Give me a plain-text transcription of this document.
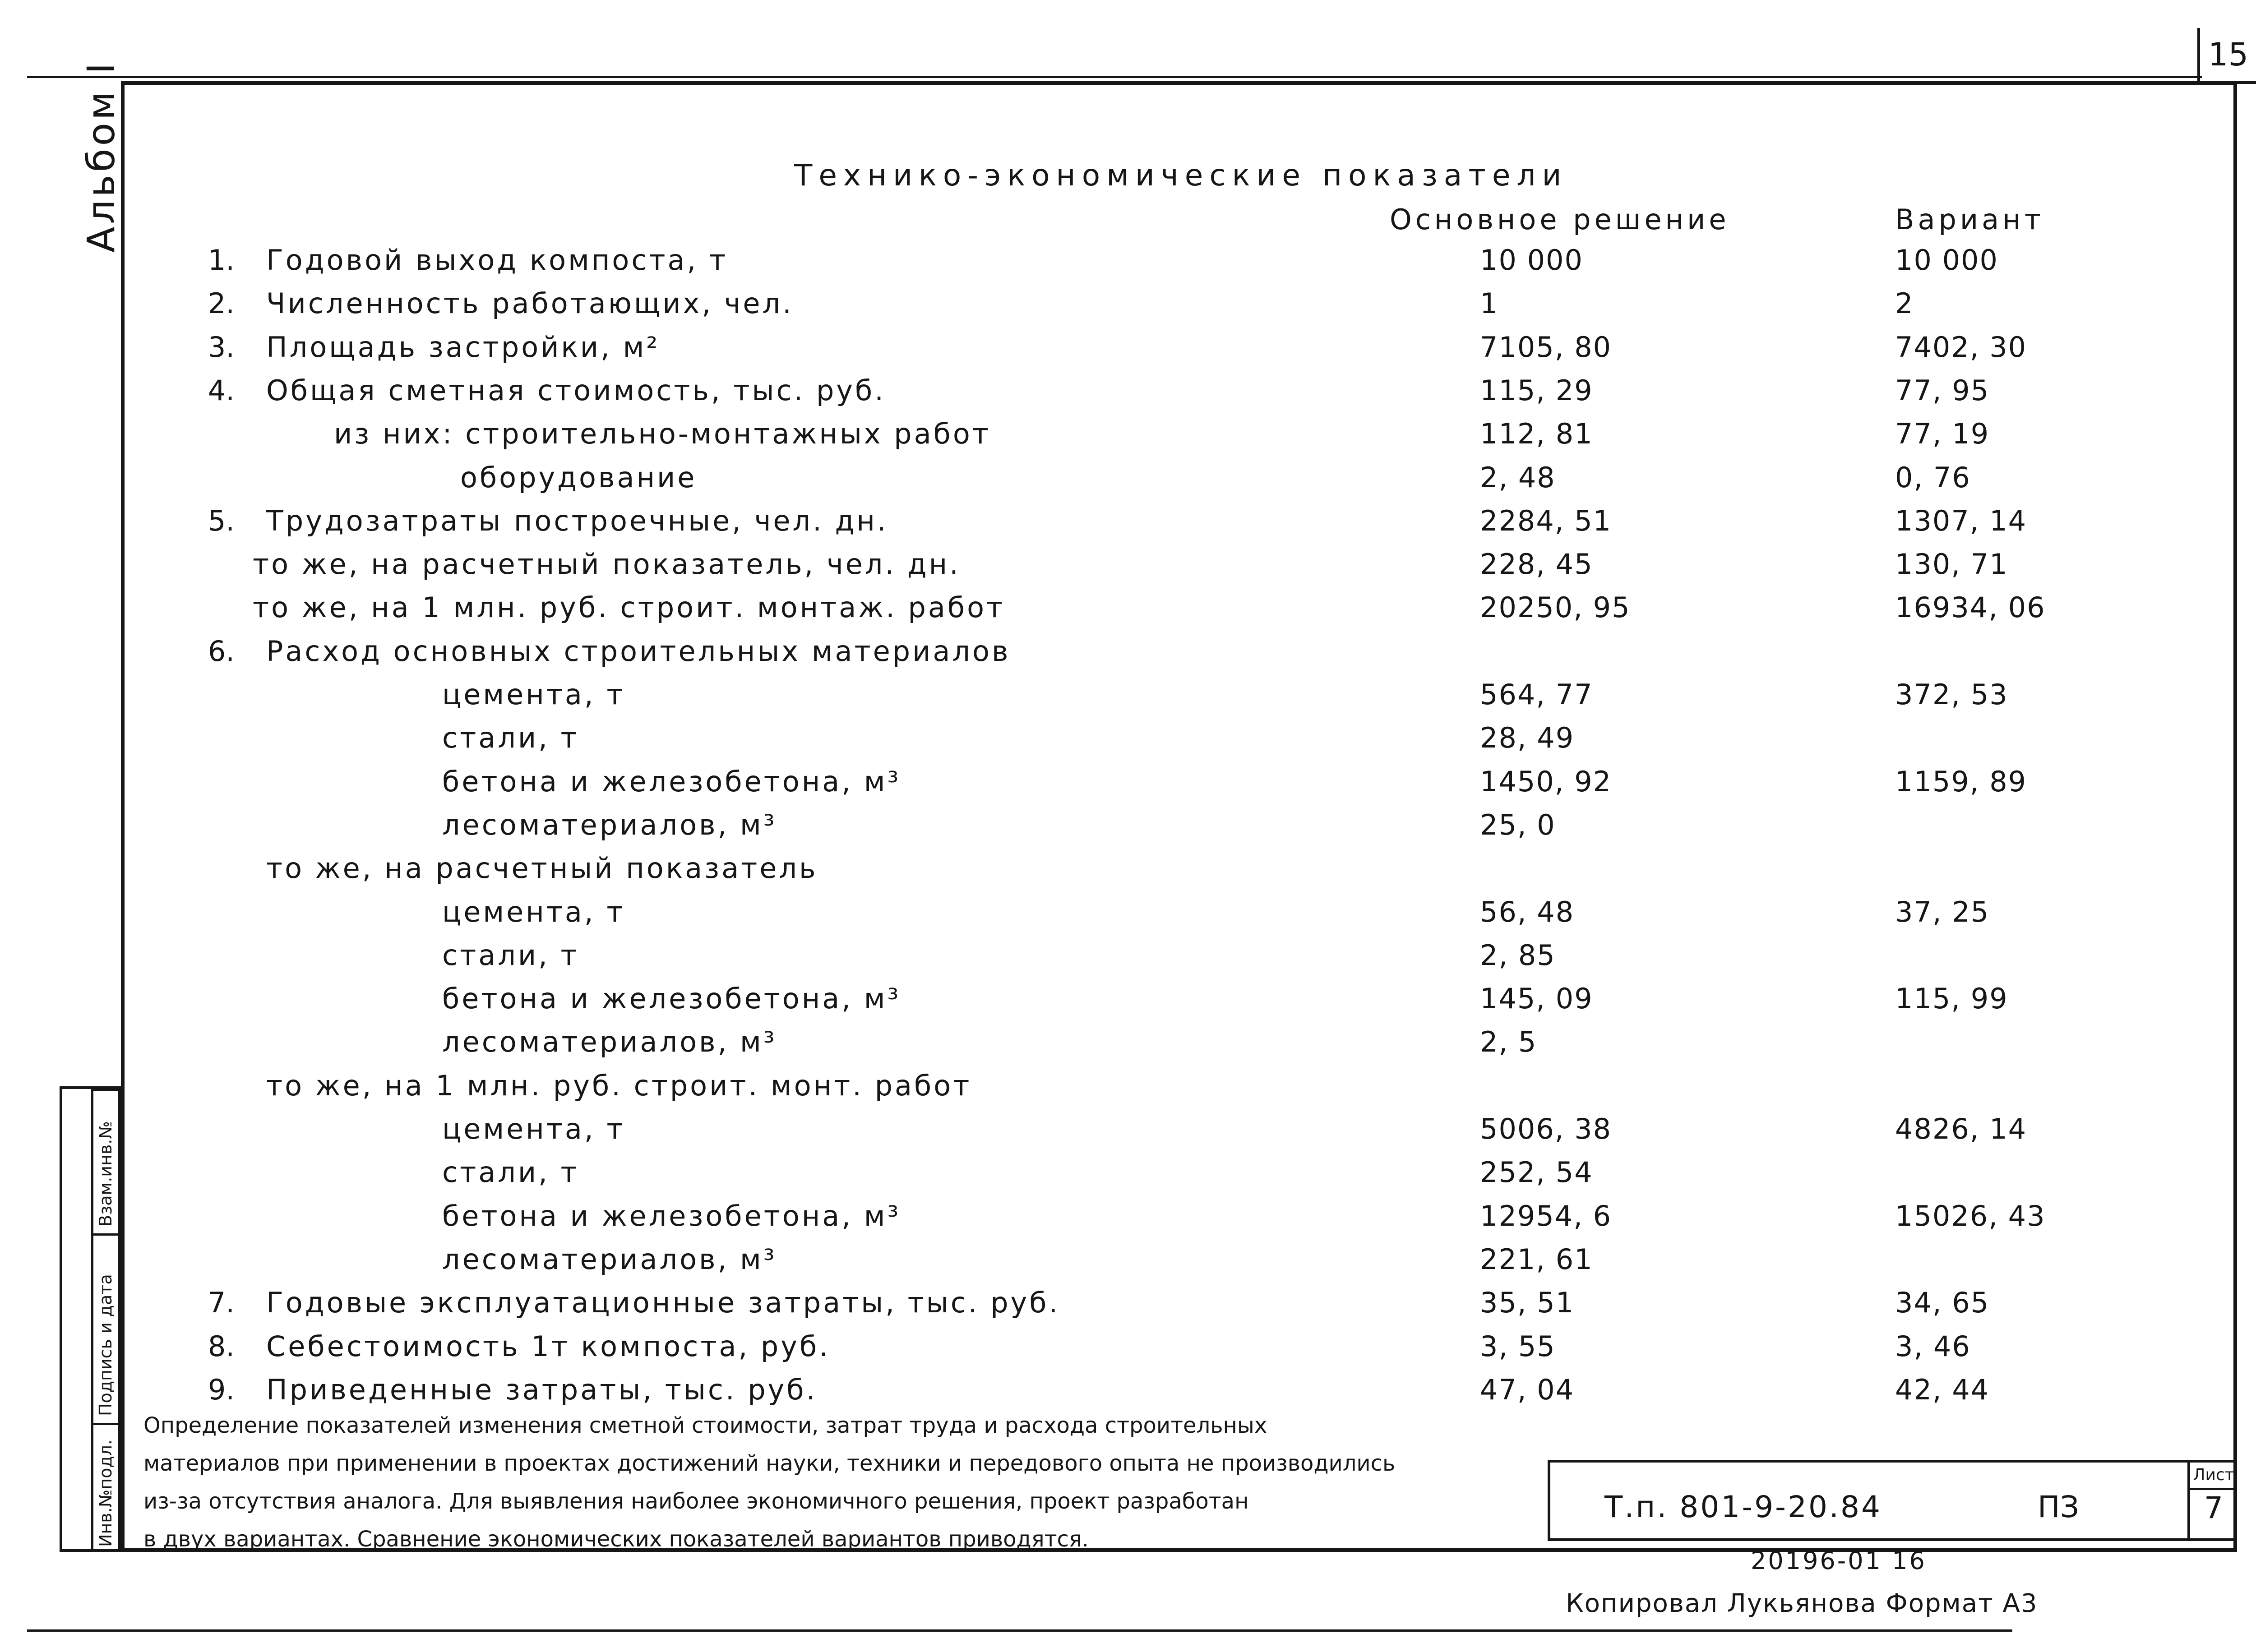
15
Альбом I
Взам.инв.№
Подпись и дата
Инв.№подл.
Технико-экономические показатели
Основное решение	Вариант
1. Годовой выход компоста, т	10 000	10 000
2. Численность работающих, чел.	1	2
3. Площадь застройки, м²	7105, 80	7402, 30
4. Общая сметная стоимость, тыс. руб.	115, 29	77, 95
из них: строительно-монтажных работ	112, 81	77, 19
оборудование	2, 48	0, 76
5. Трудозатраты построечные, чел. дн.	2284, 51	1307, 14
то же, на расчетный показатель, чел. дн.	228, 45	130, 71
то же, на 1 млн. руб. строит. монтаж. работ	20250, 95	16934, 06
6. Расход основных строительных материалов
цемента, т	564, 77	372, 53
стали, т	28, 49
бетона и железобетона, м³	1450, 92	1159, 89
лесоматериалов, м³	25, 0
то же, на расчетный показатель
цемента, т	56, 48	37, 25
стали, т	2, 85
бетона и железобетона, м³	145, 09	115, 99
лесоматериалов, м³	2, 5
то же, на 1 млн. руб. строит. монт. работ
цемента, т	5006, 38	4826, 14
стали, т	252, 54
бетона и железобетона, м³	12954, 6	15026, 43
лесоматериалов, м³	221, 61
7. Годовые эксплуатационные затраты, тыс. руб.	35, 51	34, 65
8. Себестоимость 1т компоста, руб.	3, 55	3, 46
9. Приведенные затраты, тыс. руб.	47, 04	42, 44
Определение показателей изменения сметной стоимости, затрат труда и расхода строительных
материалов при применении в проектах достижений науки, техники и передового опыта не производились
из-за отсутствия аналога. Для выявления наиболее экономичного решения, проект разработан
в двух вариантах. Сравнение экономических показателей вариантов приводятся.
Т.п. 801-9-20.84	ПЗ
Лист
7
20196-01 16
Копировал Лукьянова Формат А3
